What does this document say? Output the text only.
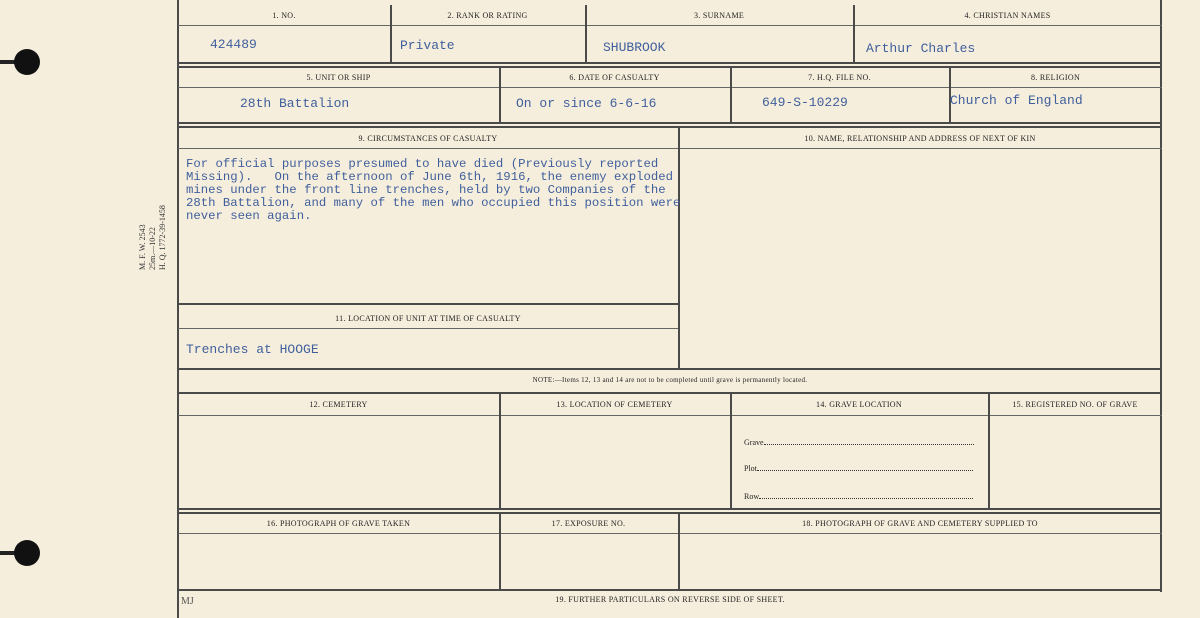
M. F. W. 2543 25m.—10-22 H. Q. 1772-39-1458
1. NO.	2. RANK OR RATING	3. SURNAME	4. CHRISTIAN NAMES
424489	Private	SHUBROOK	Arthur Charles
5. UNIT OR SHIP	6. DATE OF CASUALTY	7. H.Q. FILE NO.	8. RELIGION
28th Battalion	On or since 6-6-16	649-S-10229	Church of England
9. CIRCUMSTANCES OF CASUALTY	10. NAME, RELATIONSHIP AND ADDRESS OF NEXT OF KIN
For official purposes presumed to have died (Previously reported
Missing).   On the afternoon of June 6th, 1916, the enemy exploded
mines under the front line trenches, held by two Companies of the
28th Battalion, and many of the men who occupied this position were
never seen again.
11. LOCATION OF UNIT AT TIME OF CASUALTY
Trenches at HOOGE
NOTE:—Items 12, 13 and 14 are not to be completed until grave is permanently located.
12. CEMETERY	13. LOCATION OF CEMETERY	14. GRAVE LOCATION	15. REGISTERED NO. OF GRAVE
Grave
Plot
Row
16. PHOTOGRAPH OF GRAVE TAKEN	17. EXPOSURE NO.	18. PHOTOGRAPH OF GRAVE AND CEMETERY SUPPLIED TO
19. FURTHER PARTICULARS ON REVERSE SIDE OF SHEET.
MJ
